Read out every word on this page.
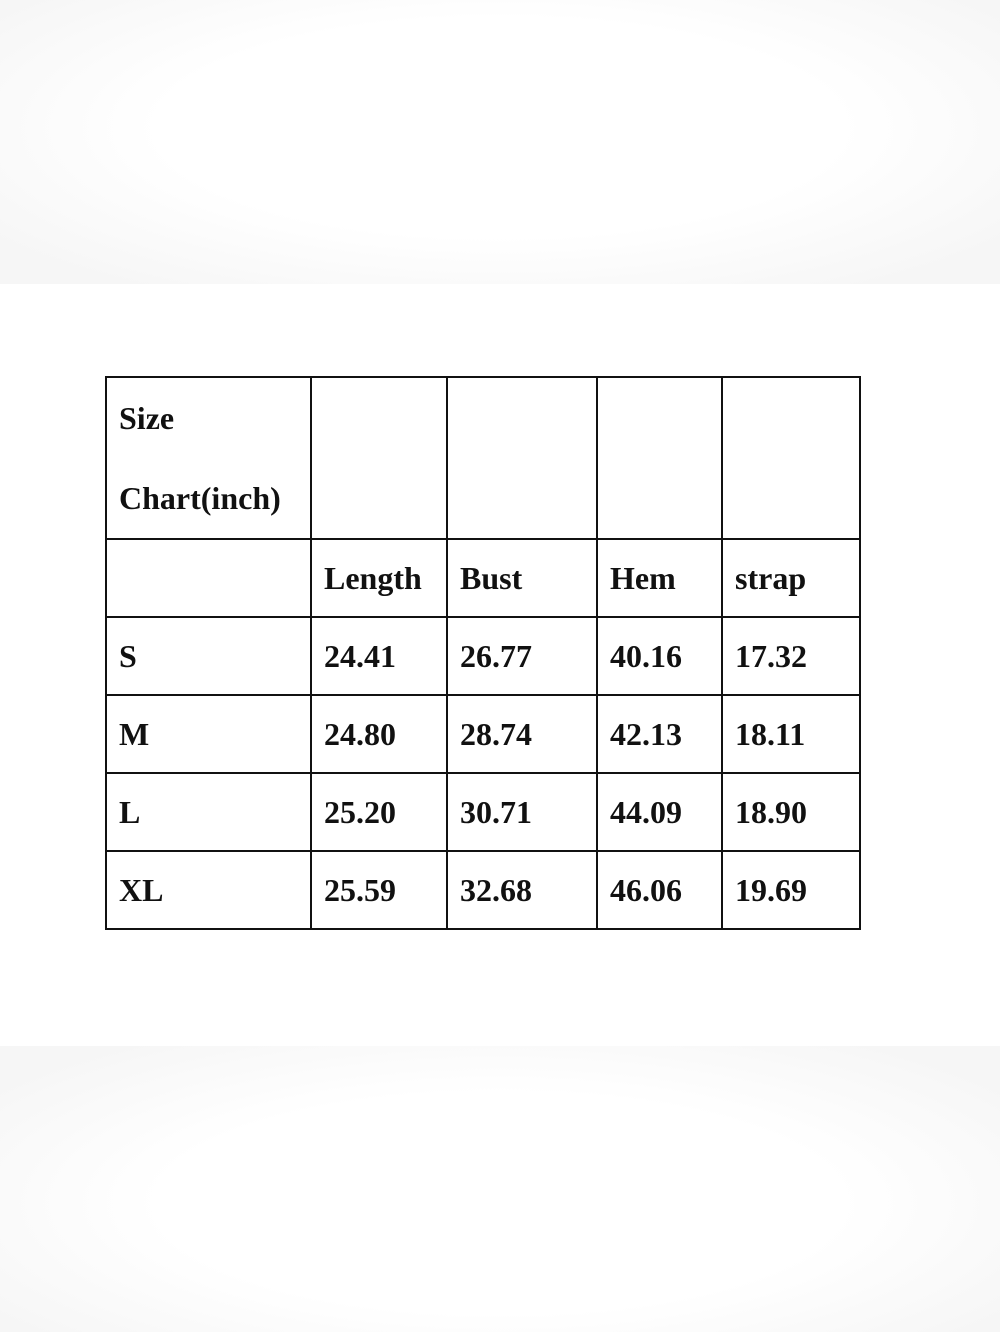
Size
Chart(inch)				

	Length	Bust	Hem	strap
S	24.41	26.77	40.16	17.32
M	24.80	28.74	42.13	18.11
L	25.20	30.71	44.09	18.90
XL	25.59	32.68	46.06	19.69
